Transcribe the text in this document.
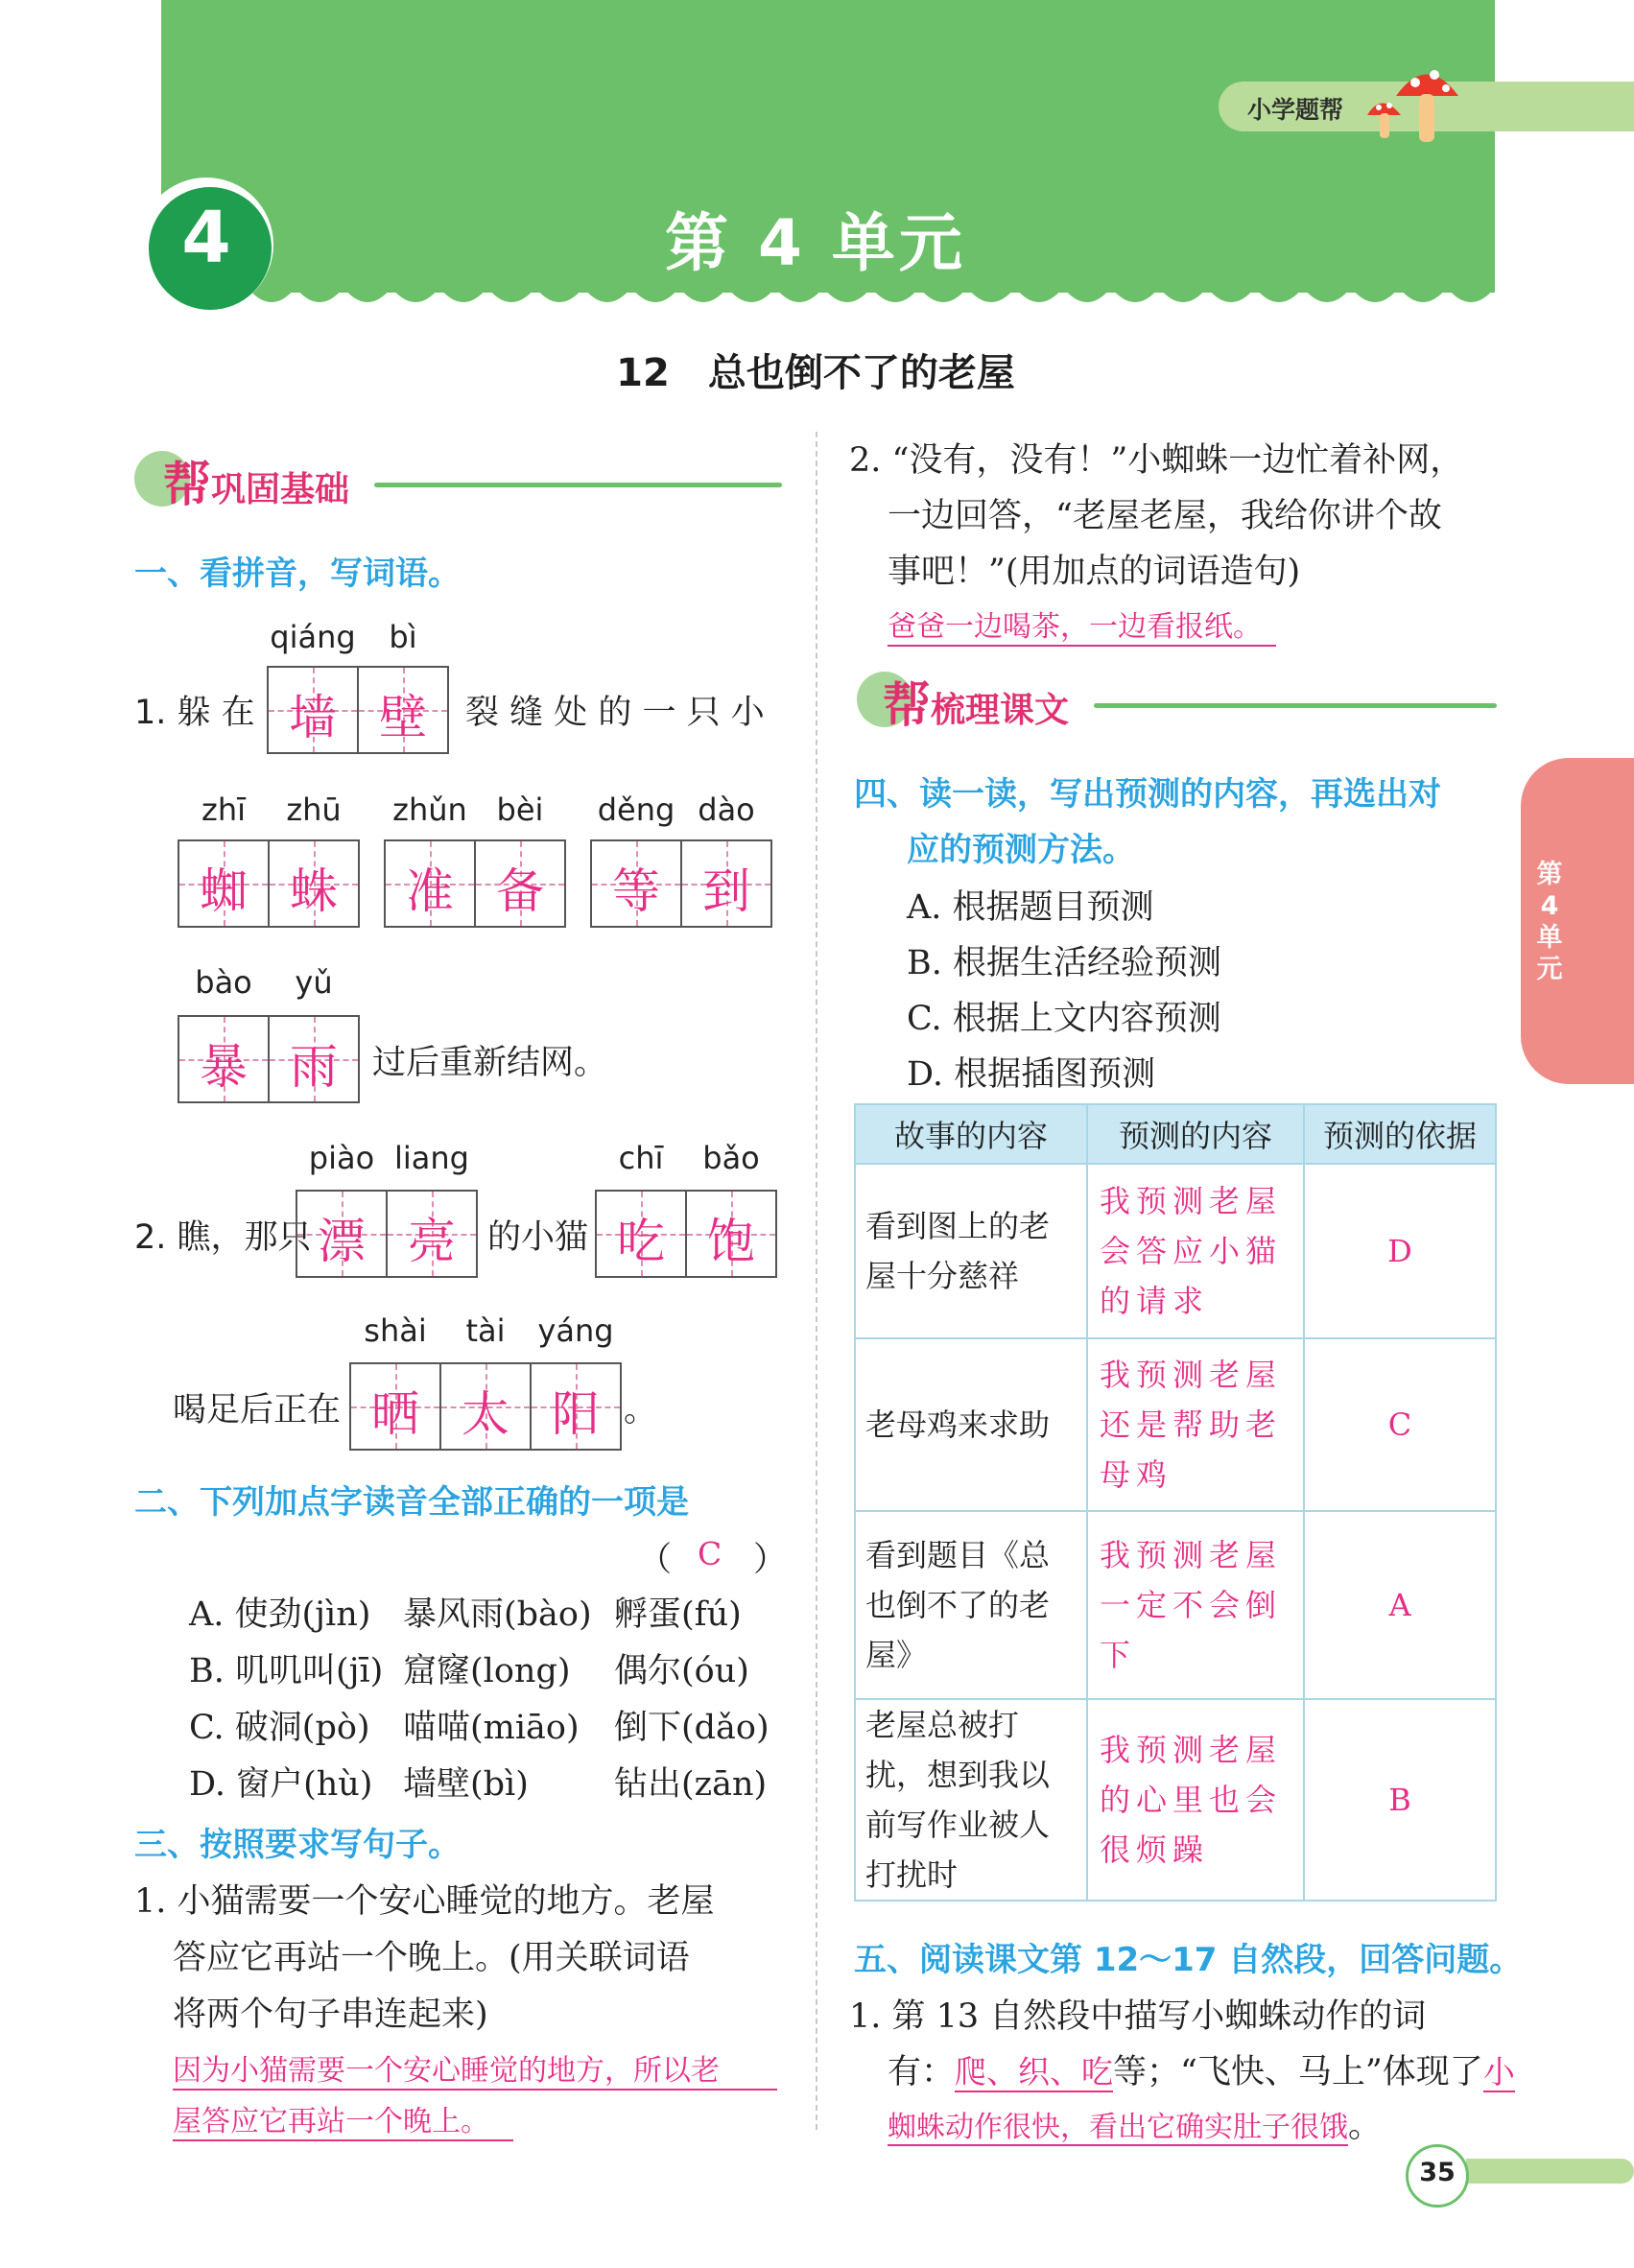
小学题帮
4	第 4 单元
12　总也倒不了的老屋
第4单元
帮巩固基础
一、看拼音，写词语。
qiáng	bì
1. 躲 在 墙 壁	裂 缝 处 的 一 只 小
zhī	zhū
蜘 蛛
zhǔn bèi
准 备
děng dào
等 到
bào	yǔ
暴 雨	过后重新结网。
piào liang
2. 瞧，那只 漂 亮 的小猫
chī	bǎo
吃 饱
shài	tài	yáng
喝足后正在 晒 太 阳 。
二、下列加点字读音全部正确的一项是
（ C ）
A. 使劲(jìn) 暴风雨(bào) 孵蛋(fú)
B. 叽叽叫(jī) 窟窿(long) 偶尔(óu)
C. 破洞(pò) 喵喵(miāo) 倒下(dǎo)
D. 窗户(hù) 墙壁(bì)	钻出(zān)
三、按照要求写句子。
1. 小猫需要一个安心睡觉的地方。老屋
答应它再站一个晚上。(用关联词语
将两个句子串连起来)
因为小猫需要一个安心睡觉的地方，所以老
屋答应它再站一个晚上。
2. “没有，没有！”小蜘蛛一边忙着补网，
一边回答，“老屋老屋，我给你讲个故
事吧！”(用加点的词语造句)
爸爸一边喝茶，一边看报纸。
帮梳理课文
四、读一读，写出预测的内容，再选出对
应的预测方法。
A. 根据题目预测
B. 根据生活经验预测
C. 根据上文内容预测
D. 根据插图预测
故事的内容	预测的内容	预测的依据
看到图上的老屋十分慈祥	我预测老屋会答应小猫的请求	D
老母鸡来求助	我预测老屋还是帮助老母鸡	C
看到题目《总也倒不了的老屋》	我预测老屋一定不会倒下	A
老屋总被打扰，想到我以前写作业被人打扰时	我预测老屋的心里也会很烦躁	B
五、阅读课文第 12～17 自然段，回答问题。
1. 第 13 自然段中描写小蜘蛛动作的词
有：爬、织、吃等；“飞快、马上”体现了小
蜘蛛动作很快，看出它确实肚子很饿。
35
